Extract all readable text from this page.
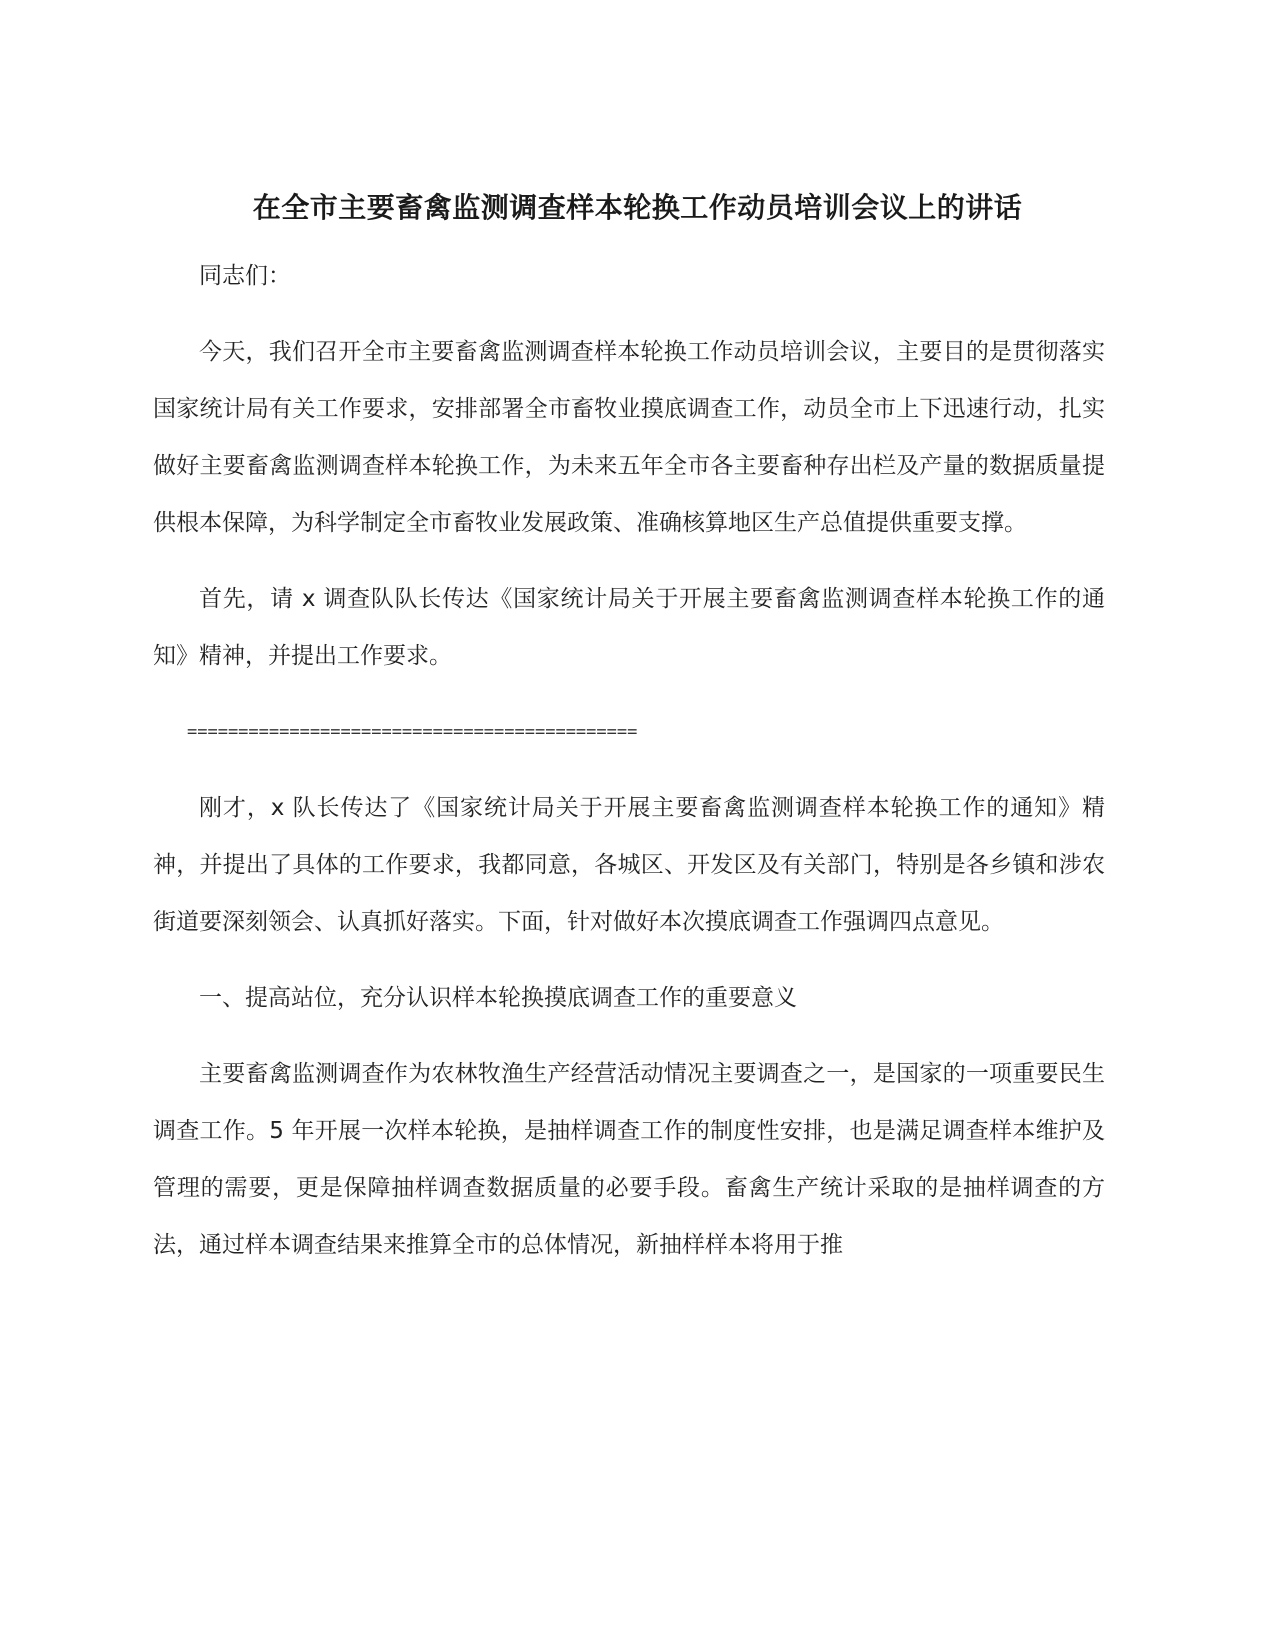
在全市主要畜禽监测调查样本轮换工作动员培训会议上的讲话

同志们：

今天，我们召开全市主要畜禽监测调查样本轮换工作动员培训会议，主要目的是贯彻落实国家统计局有关工作要求，安排部署全市畜牧业摸底调查工作，动员全市上下迅速行动，扎实做好主要畜禽监测调查样本轮换工作，为未来五年全市各主要畜种存出栏及产量的数据质量提供根本保障，为科学制定全市畜牧业发展政策、准确核算地区生产总值提供重要支撑。

首先，请 x 调查队队长传达《国家统计局关于开展主要畜禽监测调查样本轮换工作的通知》精神，并提出工作要求。

============================================

刚才，x 队长传达了《国家统计局关于开展主要畜禽监测调查样本轮换工作的通知》精神，并提出了具体的工作要求，我都同意，各城区、开发区及有关部门，特别是各乡镇和涉农街道要深刻领会、认真抓好落实。下面，针对做好本次摸底调查工作强调四点意见。

一、提高站位，充分认识样本轮换摸底调查工作的重要意义

主要畜禽监测调查作为农林牧渔生产经营活动情况主要调查之一，是国家的一项重要民生调查工作。5 年开展一次样本轮换，是抽样调查工作的制度性安排，也是满足调查样本维护及管理的需要，更是保障抽样调查数据质量的必要手段。畜禽生产统计采取的是抽样调查的方法，通过样本调查结果来推算全市的总体情况，新抽样样本将用于推
